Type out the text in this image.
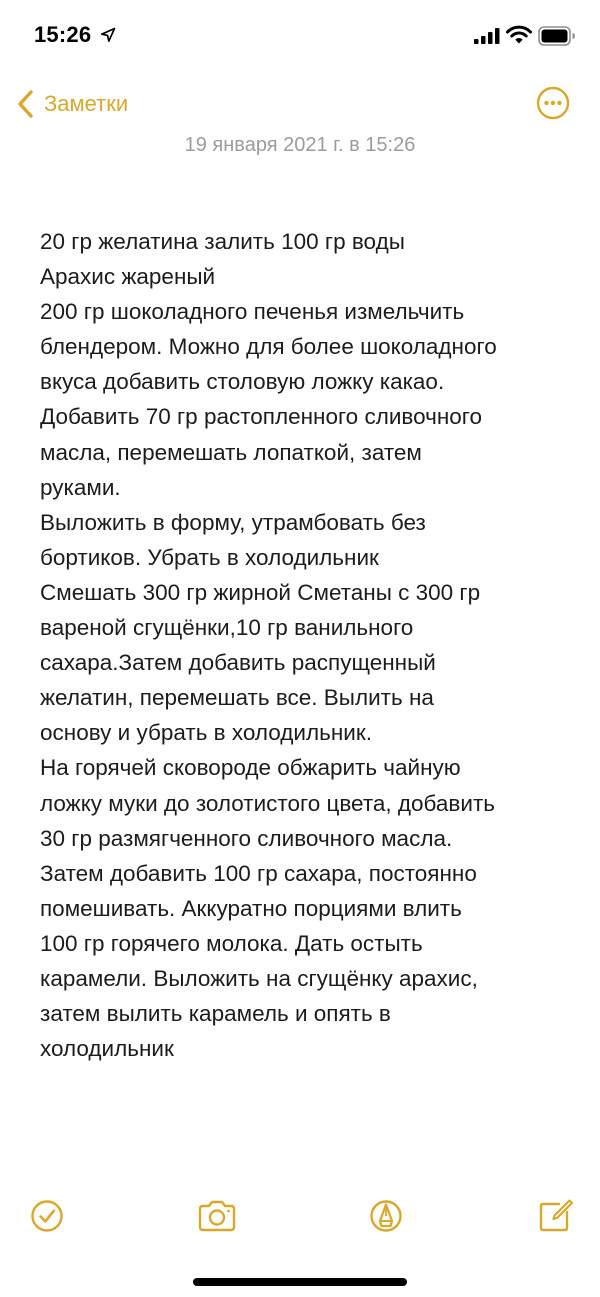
15:26
Заметки
19 января 2021 г. в 15:26
20 гр желатина залить 100 гр воды
Арахис жареный
200 гр шоколадного печенья измельчить
блендером. Можно для более шоколадного
вкуса добавить столовую ложку какао.
Добавить 70 гр растопленного сливочного
масла, перемешать лопаткой, затем
руками.
Выложить в форму, утрамбовать без
бортиков. Убрать в холодильник
Смешать 300 гр жирной Сметаны с 300 гр
вареной сгущёнки,10 гр ванильного
сахара.Затем добавить распущенный
желатин, перемешать все. Вылить на
основу и убрать в холодильник.
На горячей сковороде обжарить чайную
ложку муки до золотистого цвета, добавить
30 гр размягченного сливочного масла.
Затем добавить 100 гр сахара, постоянно
помешивать. Аккуратно порциями влить
100 гр горячего молока. Дать остыть
карамели. Выложить на сгущёнку арахис,
затем вылить карамель и опять в
холодильник
